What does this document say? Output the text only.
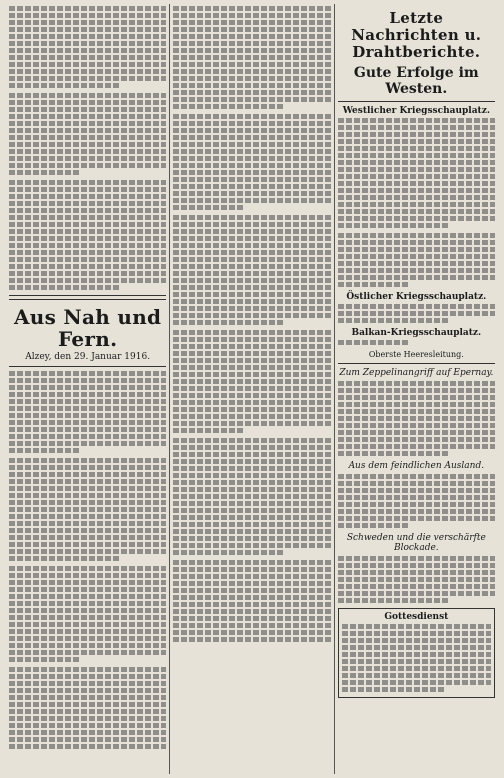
Aus Nah und Fern.
Alzey, den 29. Januar 1916.
Letzte Nachrichten u. Drahtberichte.
Gute Erfolge im Westen.
Westlicher Kriegsschauplatz.
Östlicher Kriegsschauplatz.
Balkan-Kriegsschauplatz.
Oberste Heeresleitung.
Zum Zeppelinangriff auf Epernay.
Aus dem feindlichen Ausland.
Schweden und die verschärfte Blockade.
Gottesdienst
